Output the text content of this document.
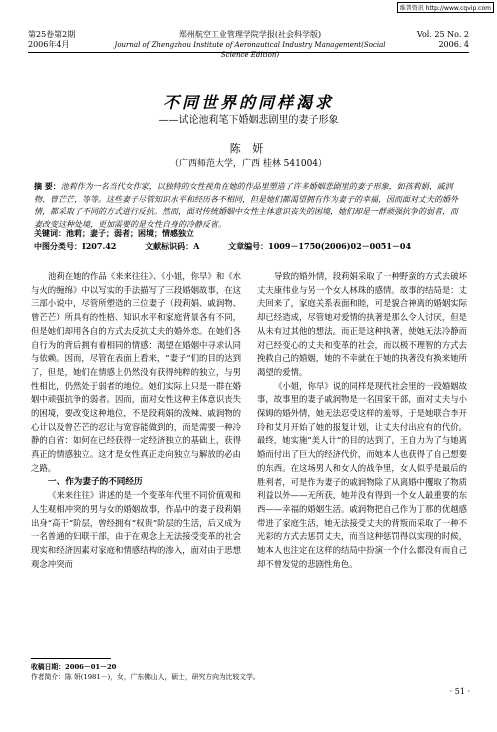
维普资讯 http://www.cqvip.com
第25卷第2期
2006年4月
郑州航空工业管理学院学报(社会科学版)
Journal of Zhengzhou Institute of Aeronautical Industry Management(Social Science Edition)
Vol. 25 No. 2
2006. 4
不同世界的同样渴求
——试论池莉笔下婚姻悲剧里的妻子形象
陈 妍
（广西师范大学，广西 桂林 541004）
摘 要：池莉作为一名当代女作家，以独特的女性视角在她的作品里塑造了许多婚姻悲剧里的妻子形象，如孩莉娟、戚润物、曾芒芒，等等。这些妻子尽管知识水平和经历各不相同，但是她们都渴望拥有作为妻子的幸福，因而面对丈夫的婚外情，都采取了不同的方式进行反抗。然而，面对传统婚姻中女性主体意识丧失的困境，她们却是一群顽强抗争的弱者，而妻改变这种处境，更加需要的是女性自身的冷静反省。
关键词：池莉；妻子；弱者；困境；情感独立
中图分类号：I207.42	文献标识码：A	文章编号：1009－1750(2006)02－0051－04

池莉在她的作品《来来往往》、《小姐，你早》和《水与火的缠绵》中以写实的手法描写了三段婚姻故事，在这三部小说中，尽管所塑造的三位妻子（段莉娟、戚润物、曾芒芒）所具有的性格、知识水平和家庭背景各有不同，但是她们却用各自的方式去反抗丈夫的婚外恋。在她们各自行为的背后拥有着相同的情感：渴望在婚姻中寻求认同与依赖。因而，尽管在表面上看来，“妻子”们的目的达到了，但是，她们在情感上仍然没有获得纯粹的独立，与男性相比，仍然处于弱者的地位。她们实际上只是一群在婚姻中顽强抗争的弱者。因而，面对女性这种主体意识丧失的困境，要改变这种地位，不是段莉娟的泼辣、戚润物的心计以及曾芒芒的忍让与宽容能做到的，而是需要一种冷静的自省：如何在已经获得一定经济独立的基础上，获得真正的情感独立。这才是女性真正走向独立与解放的必由之路。

一、作为妻子的不同经历

《来来往往》讲述的是一个变革年代里不同价值观和人生观相冲突的男与女的婚姻故事，作品中的妻子段莉娟出身“高干”阶层，曾经拥有“权贵”阶层的生活，后又成为一名普通的妇联干部，由于在观念上无法接受变革的社会现实和经济因素对家庭和情感结构的渗入，面对由于思想观念冲突而

导致的婚外情，段莉娟采取了一种野蛮的方式去破坏丈夫康伟业与另一个女人林珠的感情。故事的结局是：丈夫回来了，家庭关系表面和睦，可是貌合神离的婚姻实际却已经造成，尽管她对爱情的执著是那么令人讨厌，但是从未有过其他的想法。而正是这种执著，使她无法冷静而对已经变心的丈夫和变革的社会，而以极不理智的方式去挽救自己的婚姻，她的不幸就在于她的执著没有换来她所渴望的爱情。

《小姐，你早》说的同样是现代社会里的一段婚姻故事，故事里的妻子戚润物是一名国家干部，面对丈夫与小保姆的婚外情，她无法忍受这样的羞辱，于是她联合李开玲和艾月开始了她的报复计划，让丈夫付出应有的代价。最终，她实施“美人计”的目的达到了，王自力为了与她离婚而付出了巨大的经济代价，而她本人也获得了自己想要的东西。在这场男人和女人的战争里，女人似乎是最后的胜利者，可是作为妻子的戚润物除了从离婚中攫取了物质利益以外——无所获，她并没有得到一个女人最重要的东西——幸福的婚姻生活。戚润物把自己作为丁那的优越感带进了家庭生活，她无法接受丈夫的背叛而采取了一种不光彩的方式去惩罚丈夫，而当这种惩罚得以实现的时候，她本人也注定在这样的结局中扮演一个什么都没有而自己却不曾发觉的悲剧性角色。

收稿日期：2006－01－20
作者简介：陈 妍(1981－)，女，广东佛山人，硕士，研究方向为比较文学。
· 51 ·
